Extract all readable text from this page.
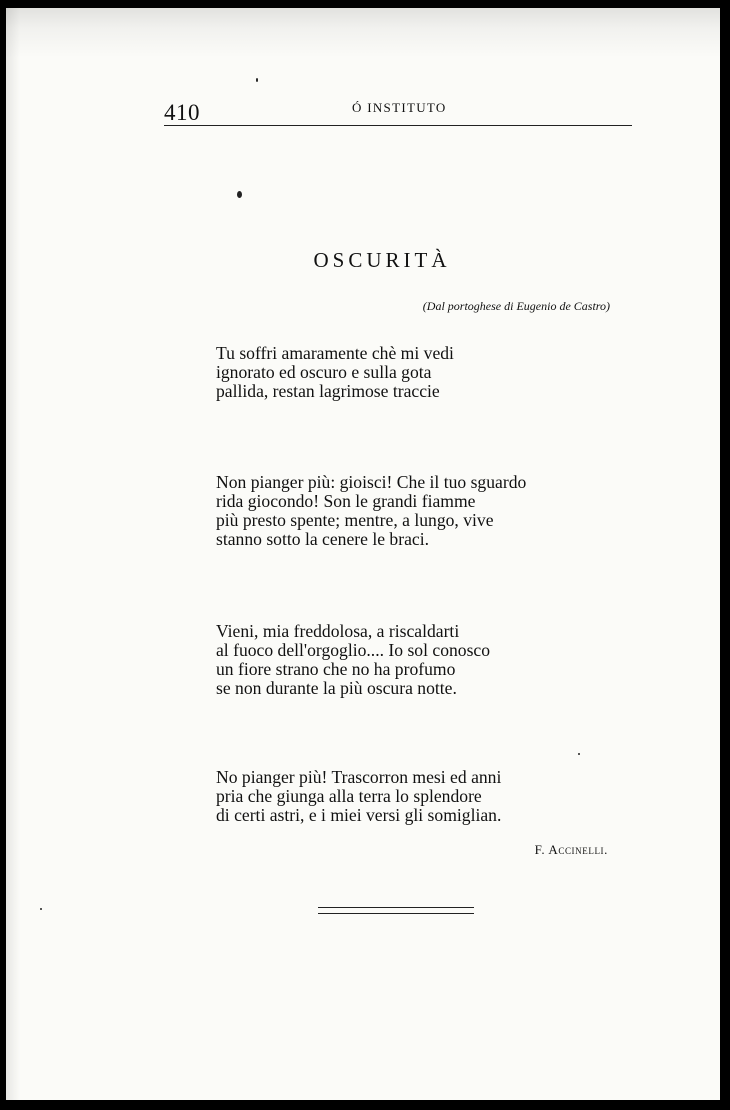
410	Ó INSTITUTO
OSCURITÀ
(Dal portoghese di Eugenio de Castro)
Tu soffri amaramente chè mi vedi
ignorato ed oscuro e sulla gota
pallida, restan lagrimose traccie
Non pianger più: gioisci! Che il tuo sguardo
rida giocondo! Son le grandi fiamme
più presto spente; mentre, a lungo, vive
stanno sotto la cenere le braci.
Vieni, mia freddolosa, a riscaldarti
al fuoco dell'orgoglio.... Io sol conosco
un fiore strano che no ha profumo
se non durante la più oscura notte.
No pianger più! Trascorron mesi ed anni
pria che giunga alla terra lo splendore
di certi astri, e i miei versi gli somiglian.
F. Accinelli.
